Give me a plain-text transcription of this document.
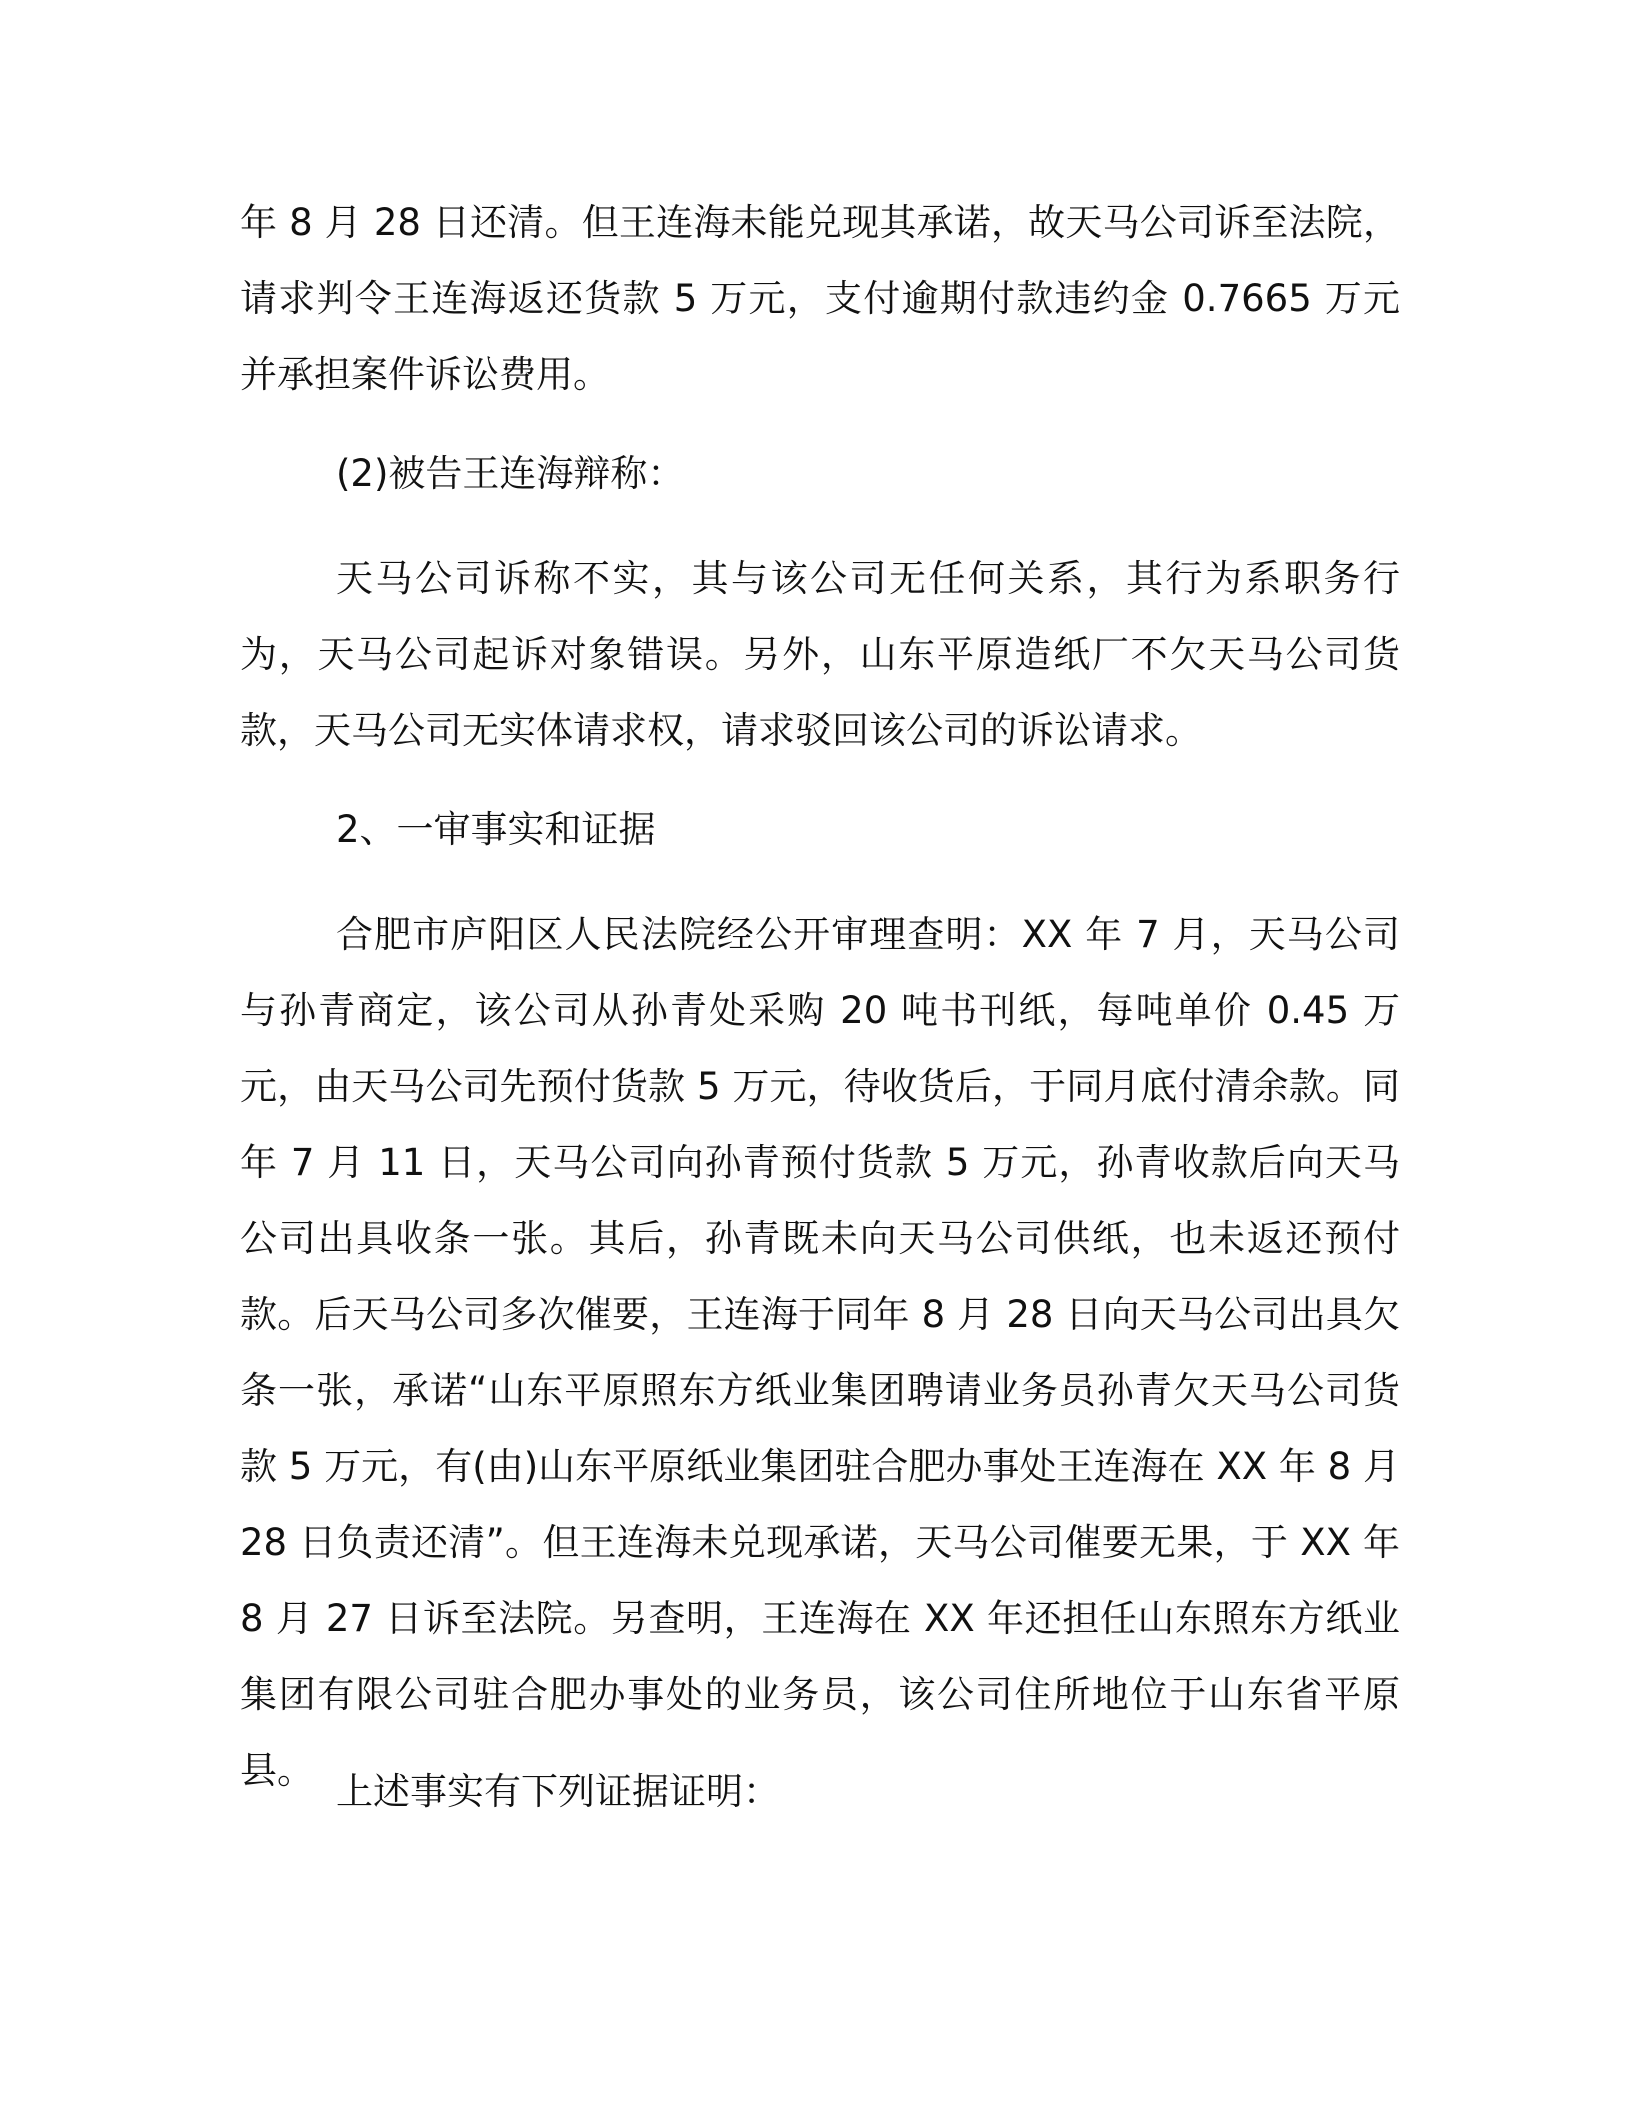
年 8 月 28 日还清。但王连海未能兑现其承诺，故天马公司诉至法院，请求判令王连海返还货款 5 万元，支付逾期付款违约金 0.7665 万元并承担案件诉讼费用。

(2)被告王连海辩称：

天马公司诉称不实，其与该公司无任何关系，其行为系职务行为，天马公司起诉对象错误。另外，山东平原造纸厂不欠天马公司货款，天马公司无实体请求权，请求驳回该公司的诉讼请求。

2、一审事实和证据

合肥市庐阳区人民法院经公开审理查明：XX 年 7 月，天马公司与孙青商定，该公司从孙青处采购 20 吨书刊纸，每吨单价 0.45 万元，由天马公司先预付货款 5 万元，待收货后，于同月底付清余款。同年 7 月 11 日，天马公司向孙青预付货款 5 万元，孙青收款后向天马公司出具收条一张。其后，孙青既未向天马公司供纸，也未返还预付款。后天马公司多次催要，王连海于同年 8 月 28 日向天马公司出具欠条一张，承诺“山东平原照东方纸业集团聘请业务员孙青欠天马公司货款 5 万元，有(由)山东平原纸业集团驻合肥办事处王连海在 XX 年 8 月 28 日负责还清”。但王连海未兑现承诺，天马公司催要无果，于 XX 年 8 月 27 日诉至法院。另查明，王连海在 XX 年还担任山东照东方纸业集团有限公司驻合肥办事处的业务员，该公司住所地位于山东省平原县。 上述事实有下列证据证明：
